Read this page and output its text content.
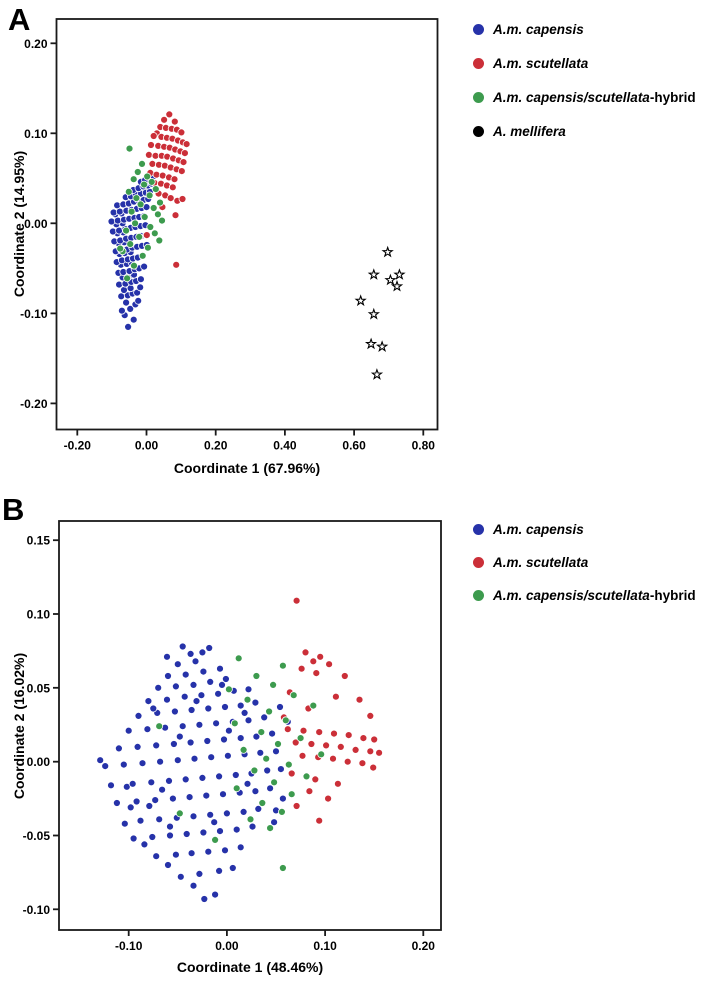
A
-0.20	0.00	0.20	0.40	0.60	0.80
-0.20
-0.10
0.00
0.10
0.20
Coordinate 2 (14.95%)
Coordinate 1 (67.96%)
A.m. capensis
A.m. scutellata
A.m. capensis/scutellata-hybrid
A. mellifera
B
-0.10	0.00	0.10	0.20
-0.10
-0.05
0.00
0.05
0.10
0.15
Coordinate 2 (16.02%)
Coordinate 1 (48.46%)
A.m. capensis
A.m. scutellata
A.m. capensis/scutellata-hybrid
